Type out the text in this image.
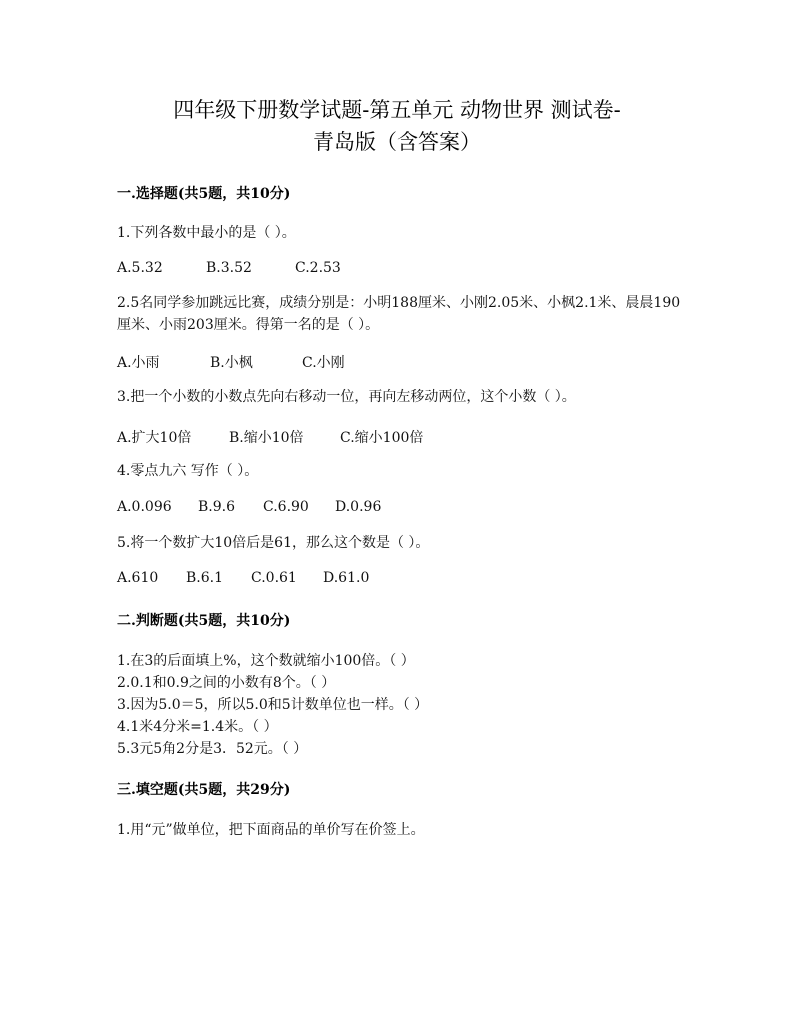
四年级下册数学试题-第五单元 动物世界 测试卷-
青岛版（含答案）
一.选择题(共5题，共10分)
1.下列各数中最小的是（ ）。
A.5.32	B.3.52	C.2.53
2.5名同学参加跳远比赛，成绩分别是：小明188厘米、小刚2.05米、小枫2.1米、晨晨190厘米、小雨203厘米。得第一名的是（ ）。
A.小雨	B.小枫	C.小刚
3.把一个小数的小数点先向右移动一位，再向左移动两位，这个小数（ ）。
A.扩大10倍	B.缩小10倍	C.缩小100倍
4.零点九六 写作（ ）。
A.0.096 B.9.6 C.6.90 D.0.96
5.将一个数扩大10倍后是61，那么这个数是（ ）。
A.610 B.6.1 C.0.61 D.61.0
二.判断题(共5题，共10分)
1.在3的后面填上%，这个数就缩小100倍。（ ）
2.0.1和0.9之间的小数有8个。（ ）
3.因为5.0＝5，所以5.0和5计数单位也一样。（ ）
4.1米4分米=1.4米。（ ）
5.3元5角2分是3．52元。（ ）
三.填空题(共5题，共29分)
1.用“元”做单位，把下面商品的单价写在价签上。
